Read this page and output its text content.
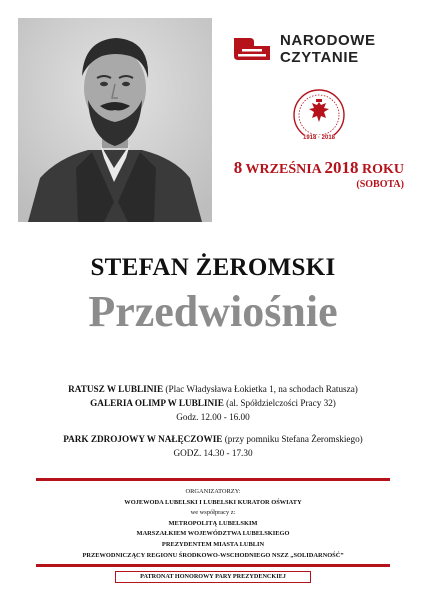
NARODOWE
CZYTANIE
1918 · 2018
8 WRZEŚNIA 2018 ROKU
(SOBOTA)
STEFAN ŻEROMSKI
Przedwiośnie
RATUSZ W LUBLINIE (Plac Władysława Łokietka 1, na schodach Ratusza)
GALERIA OLIMP W LUBLINIE (al. Spółdzielczości Pracy 32)
Godz. 12.00 - 16.00
PARK ZDROJOWY W NAŁĘCZOWIE (przy pomniku Stefana Żeromskiego)
GODZ. 14.30 - 17.30
ORGANIZATORZY:
WOJEWODA LUBELSKI I LUBELSKI KURATOR OŚWIATY
we współpracy z:
METROPOLITĄ LUBELSKIM
MARSZAŁKIEM WOJEWÓDZTWA LUBELSKIEGO
PREZYDENTEM MIASTA LUBLIN
PRZEWODNICZĄCY REGIONU ŚRODKOWO-WSCHODNIEGO NSZZ „SOLIDARNOŚĆ”
PATRONAT HONOROWY PARY PREZYDENCKIEJ
